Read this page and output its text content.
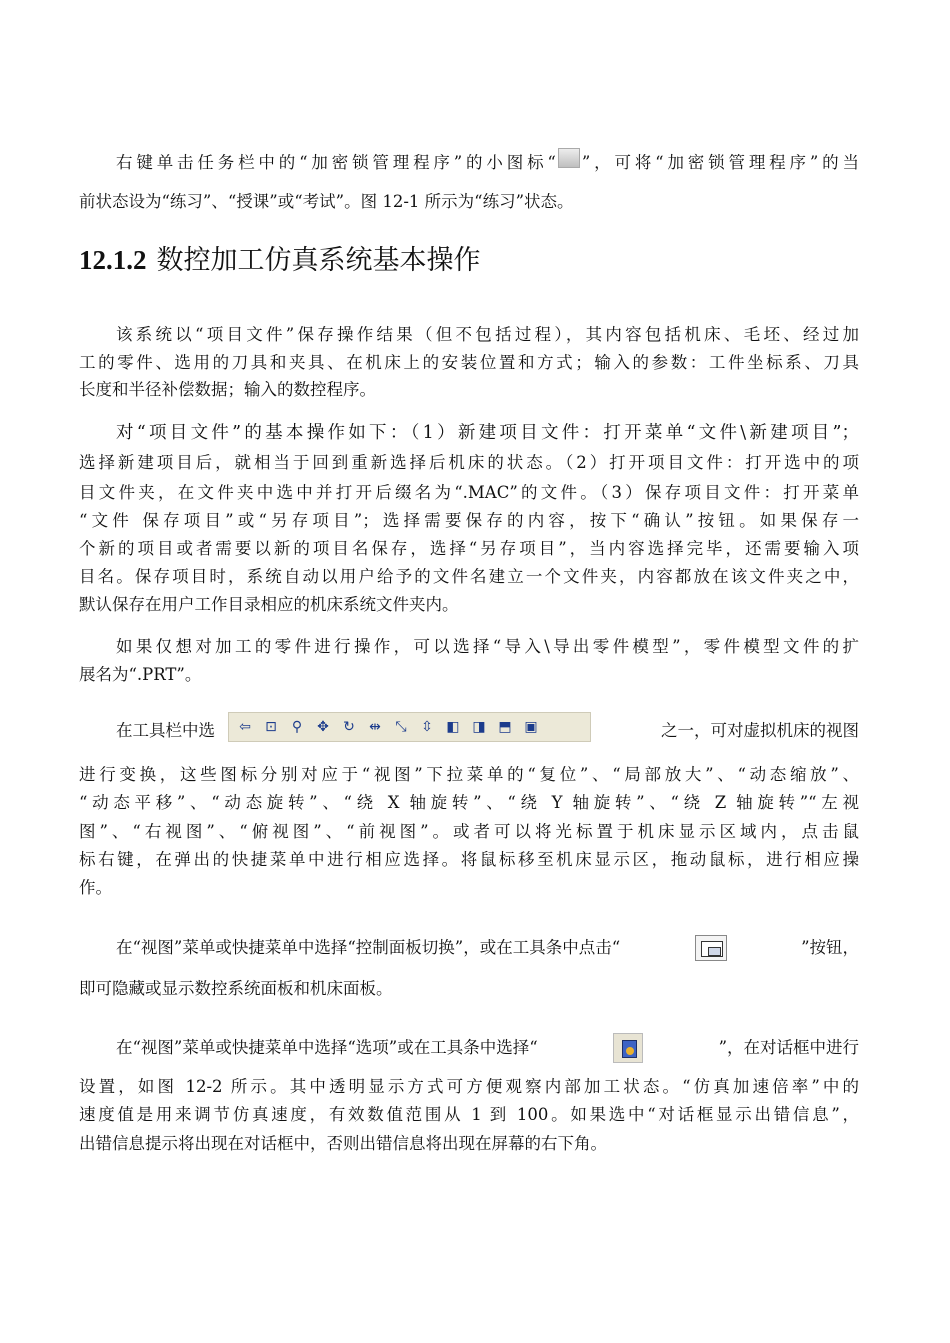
右键单击任务栏中的“加密锁管理程序”的小图标“ ”，可将“加密锁管理程序”的当
前状态设为“练习”、“授课”或“考试”。图 12-1 所示为“练习”状态。
12.1.2 数控加工仿真系统基本操作
该系统以“项目文件”保存操作结果（但不包括过程），其内容包括机床、毛坯、经过加
工的零件、选用的刀具和夹具、在机床上的安装位置和方式；输入的参数：工件坐标系、刀具
长度和半径补偿数据；输入的数控程序。
对“项目文件”的基本操作如下：（1）新建项目文件：打开菜单“文件\新建项目”；
选择新建项目后，就相当于回到重新选择后机床的状态。（2）打开项目文件：打开选中的项
目文件夹，在文件夹中选中并打开后缀名为“.MAC”的文件。（3）保存项目文件：打开菜单
“文件 保存项目”或“另存项目”；选择需要保存的内容，按下“确认”按钮。如果保存一
个新的项目或者需要以新的项目名保存，选择“另存项目”，当内容选择完毕，还需要输入项
目名。保存项目时，系统自动以用户给予的文件名建立一个文件夹，内容都放在该文件夹之中，
默认保存在用户工作目录相应的机床系统文件夹内。
如果仅想对加工的零件进行操作，可以选择“导入\导出零件模型”，零件模型文件的扩
展名为“.PRT”。
在工具栏中选 ⇦ ⊡	⚲	✥ ↻ ⇹	⤡	⇳ ◧ ◨ ⬒ ▣	之一，可对虚拟机床的视图
进行变换，这些图标分别对应于“视图”下拉菜单的“复位”、“局部放大”、“动态缩放”、
“动态平移”、“动态旋转”、“绕 X 轴旋转”、“绕 Y 轴旋转”、“绕 Z 轴旋转”“左视
图”、“右视图”、“俯视图”、“前视图”。或者可以将光标置于机床显示区域内，点击鼠
标右键，在弹出的快捷菜单中进行相应选择。将鼠标移至机床显示区，拖动鼠标，进行相应操
作。
在“视图”菜单或快捷菜单中选择“控制面板切换”，或在工具条中点击“	”按钮，
即可隐藏或显示数控系统面板和机床面板。
在“视图”菜单或快捷菜单中选择“选项”或在工具条中选择“	”，在对话框中进行
设置，如图 12-2 所示。其中透明显示方式可方便观察内部加工状态。“仿真加速倍率”中的
速度值是用来调节仿真速度，有效数值范围从 1 到 100。如果选中“对话框显示出错信息”，
出错信息提示将出现在对话框中，否则出错信息将出现在屏幕的右下角。
